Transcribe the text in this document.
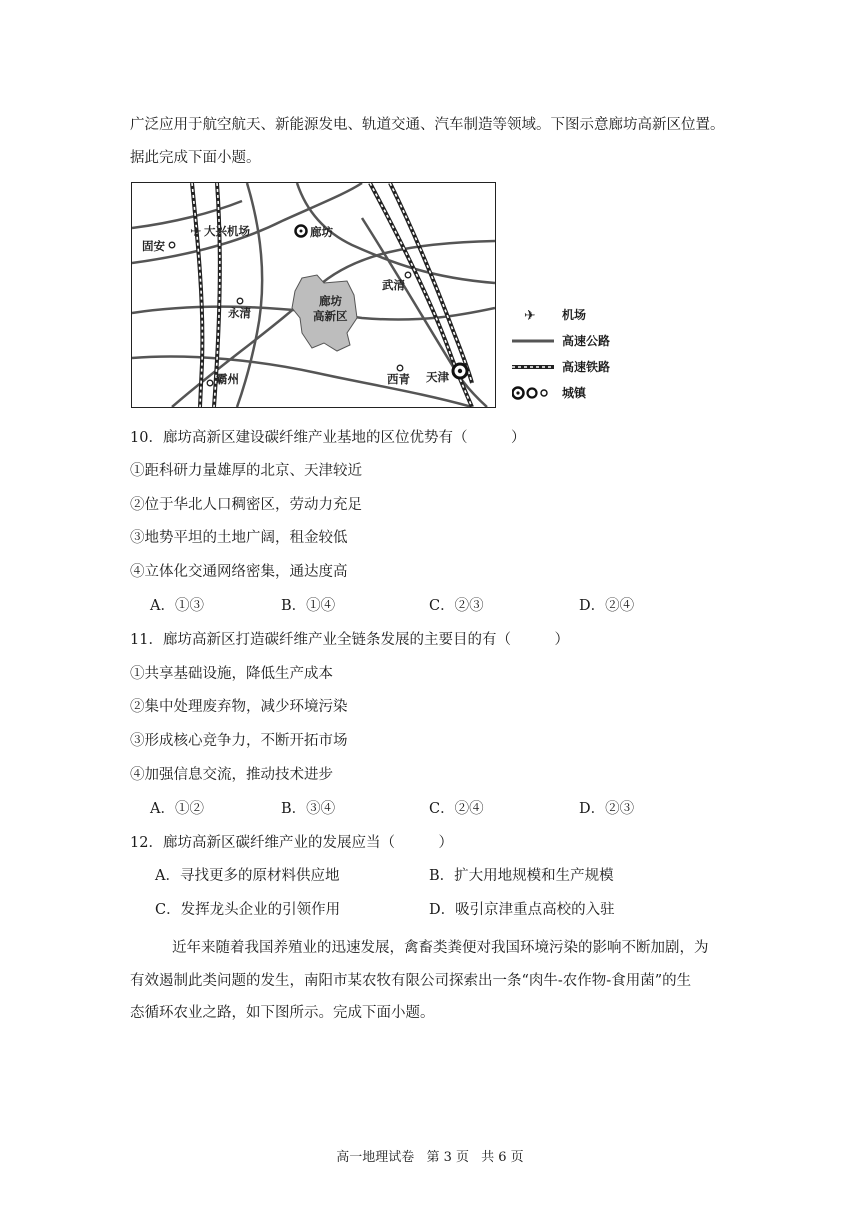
广泛应用于航空航天、新能源发电、轨道交通、汽车制造等领域。下图示意廊坊高新区位置。
据此完成下面小题。
廊坊
高新区
固安
✈ 大兴机场	廊坊
武清
永清
霸州	西青 天津
✈ 机场
高速公路
高速铁路
城镇
10．廊坊高新区建设碳纤维产业基地的区位优势有（　　　）
①距科研力量雄厚的北京、天津较近
②位于华北人口稠密区，劳动力充足
③地势平坦的土地广阔，租金较低
④立体化交通网络密集，通达度高
A．①③	B．①④	C．②③	D．②④
11．廊坊高新区打造碳纤维产业全链条发展的主要目的有（　　　）
①共享基础设施，降低生产成本
②集中处理废弃物，减少环境污染
③形成核心竞争力，不断开拓市场
④加强信息交流，推动技术进步
A．①②	B．③④	C．②④	D．②③
12．廊坊高新区碳纤维产业的发展应当（　　　）
A．寻找更多的原材料供应地	B．扩大用地规模和生产规模
C．发挥龙头企业的引领作用	D．吸引京津重点高校的入驻
近年来随着我国养殖业的迅速发展，禽畜类粪便对我国环境污染的影响不断加剧，为
有效遏制此类问题的发生，南阳市某农牧有限公司探索出一条“肉牛-农作物-食用菌”的生
态循环农业之路，如下图所示。完成下面小题。
高一地理试卷 第 3 页 共 6 页
